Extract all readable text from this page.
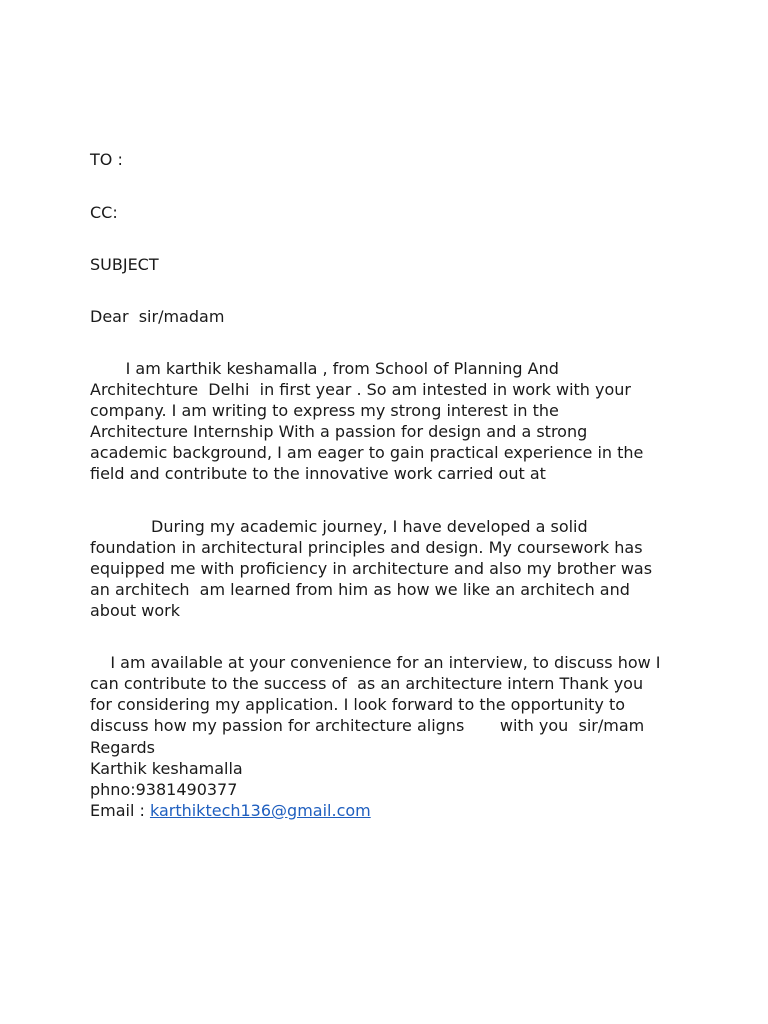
TO :

CC:

SUBJECT

Dear  sir/madam

I am karthik keshamalla , from School of Planning And

Architechture  Delhi  in first year . So am intested in work with your

company. I am writing to express my strong interest in the

Architecture Internship With a passion for design and a strong

academic background, I am eager to gain practical experience in the

field and contribute to the innovative work carried out at

During my academic journey, I have developed a solid

foundation in architectural principles and design. My coursework has

equipped me with proficiency in architecture and also my brother was

an architech  am learned from him as how we like an architech and

about work

I am available at your convenience for an interview, to discuss how I

can contribute to the success of  as an architecture intern Thank you

for considering my application. I look forward to the opportunity to

discuss how my passion for architecture aligns       with you  sir/mam

Regards

Karthik keshamalla

phno:9381490377

Email : karthiktech136@gmail.com
